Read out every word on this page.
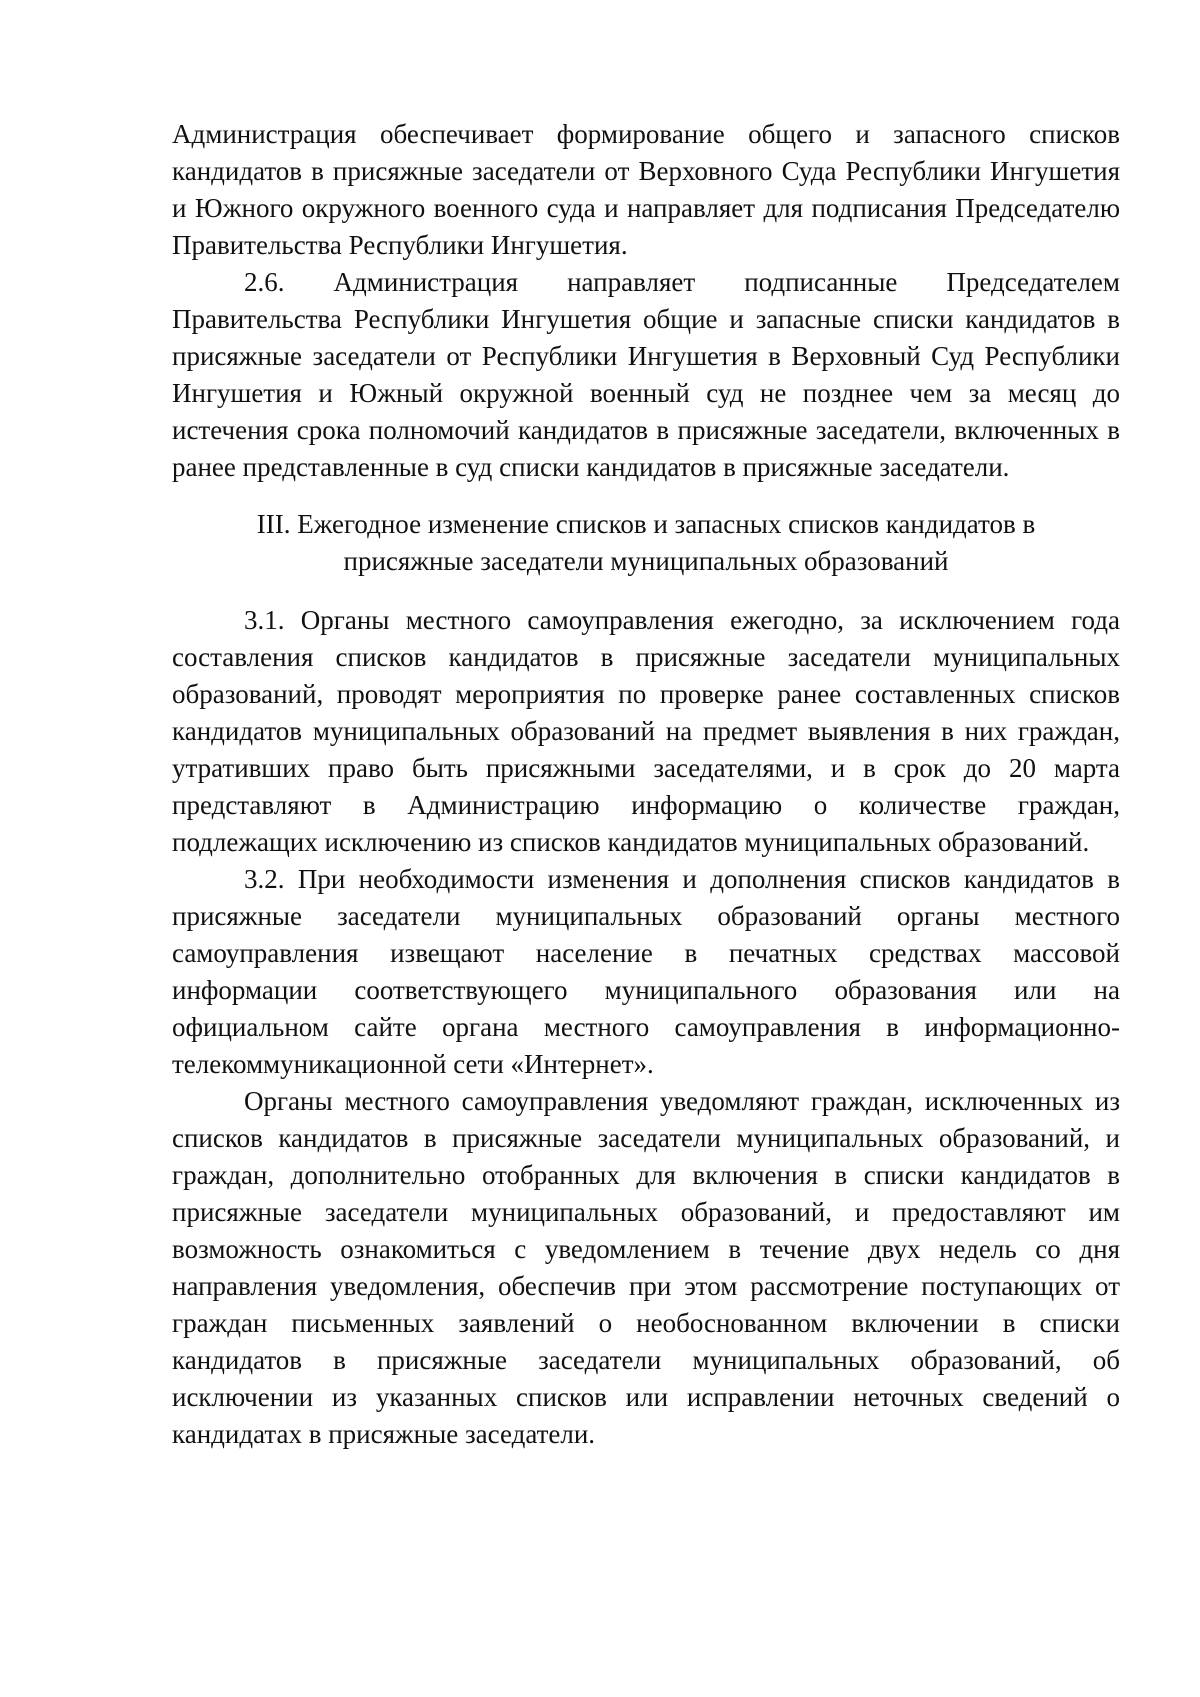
Администрация обеспечивает формирование общего и запасного списков кандидатов в присяжные заседатели от Верховного Суда Республики Ингушетия и Южного окружного военного суда и направляет для подписания Председателю Правительства Республики Ингушетия.

2.6. Администрация направляет подписанные Председателем Правительства Республики Ингушетия общие и запасные списки кандидатов в присяжные заседатели от Республики Ингушетия в Верховный Суд Республики Ингушетия и Южный окружной военный суд не позднее чем за месяц до истечения срока полномочий кандидатов в присяжные заседатели, включенных в ранее представленные в суд списки кандидатов в присяжные заседатели.

III. Ежегодное изменение списков и запасных списков кандидатов в

присяжные заседатели муниципальных образований

3.1. Органы местного самоуправления ежегодно, за исключением года составления списков кандидатов в присяжные заседатели муниципальных образований, проводят мероприятия по проверке ранее составленных списков кандидатов муниципальных образований на предмет выявления в них граждан, утративших право быть присяжными заседателями, и в срок до 20 марта представляют в Администрацию информацию о количестве граждан, подлежащих исключению из списков кандидатов муниципальных образований.

3.2. При необходимости изменения и дополнения списков кандидатов в присяжные заседатели муниципальных образований органы местного самоуправления извещают население в печатных средствах массовой информации соответствующего муниципального образования или на официальном сайте органа местного самоуправления в информационно-телекоммуникационной сети «Интернет».

Органы местного самоуправления уведомляют граждан, исключенных из списков кандидатов в присяжные заседатели муниципальных образований, и граждан, дополнительно отобранных для включения в списки кандидатов в присяжные заседатели муниципальных образований, и предоставляют им возможность ознакомиться с уведомлением в течение двух недель со дня направления уведомления, обеспечив при этом рассмотрение поступающих от граждан письменных заявлений о необоснованном включении в списки кандидатов в присяжные заседатели муниципальных образований, об исключении из указанных списков или исправлении неточных сведений о кандидатах в присяжные заседатели.
